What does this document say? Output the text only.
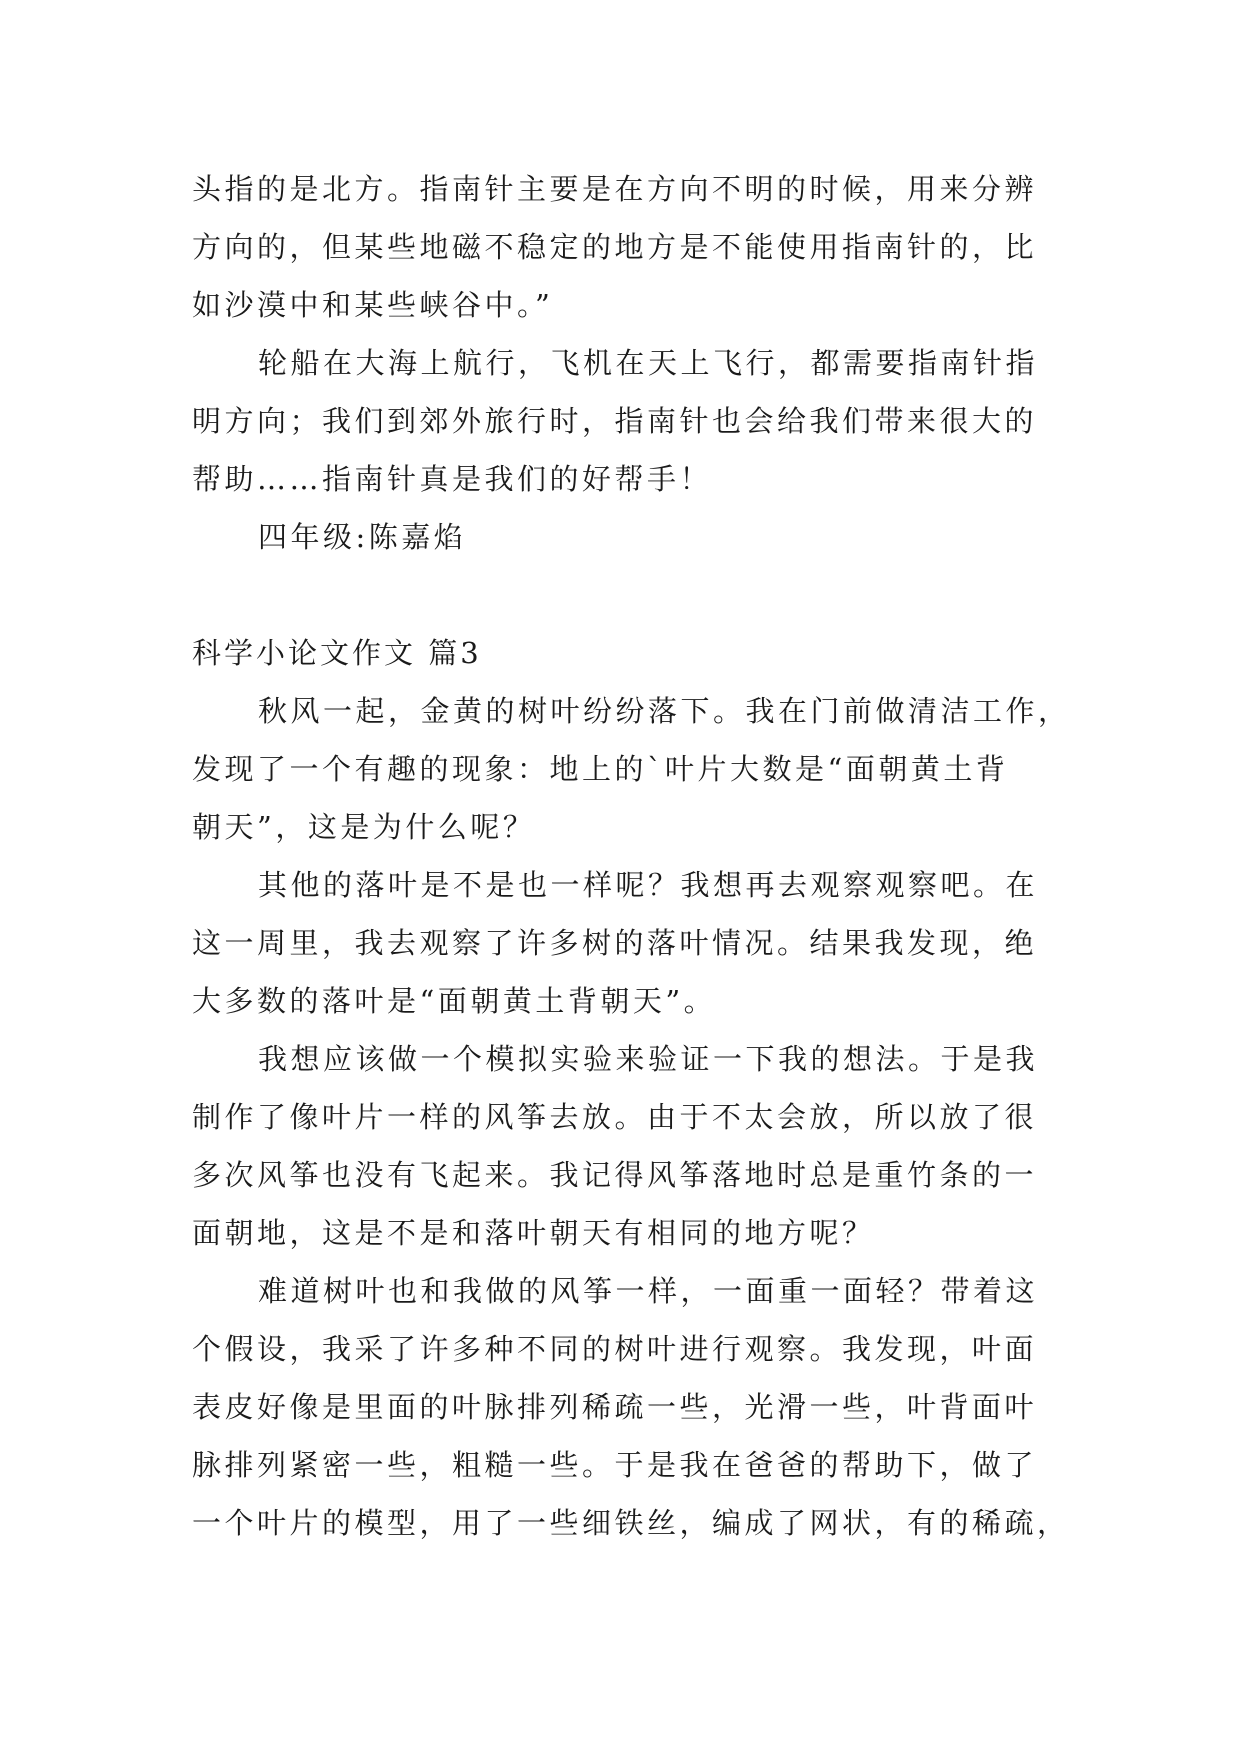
头指的是北方。指南针主要是在方向不明的时候，用来分辨
方向的，但某些地磁不稳定的地方是不能使用指南针的，比
如沙漠中和某些峡谷中。”
轮船在大海上航行，飞机在天上飞行，都需要指南针指
明方向；我们到郊外旅行时，指南针也会给我们带来很大的
帮助……指南针真是我们的好帮手！
四年级:陈嘉焰
科学小论文作文 篇3
秋风一起，金黄的树叶纷纷落下。我在门前做清洁工作，
发现了一个有趣的现象：地上的`叶片大数是“面朝黄土背
朝天”，这是为什么呢？
其他的落叶是不是也一样呢？我想再去观察观察吧。在
这一周里，我去观察了许多树的落叶情况。结果我发现，绝
大多数的落叶是“面朝黄土背朝天”。
我想应该做一个模拟实验来验证一下我的想法。于是我
制作了像叶片一样的风筝去放。由于不太会放，所以放了很
多次风筝也没有飞起来。我记得风筝落地时总是重竹条的一
面朝地，这是不是和落叶朝天有相同的地方呢？
难道树叶也和我做的风筝一样，一面重一面轻？带着这
个假设，我采了许多种不同的树叶进行观察。我发现，叶面
表皮好像是里面的叶脉排列稀疏一些，光滑一些，叶背面叶
脉排列紧密一些，粗糙一些。于是我在爸爸的帮助下，做了
一个叶片的模型，用了一些细铁丝，编成了网状，有的稀疏，
